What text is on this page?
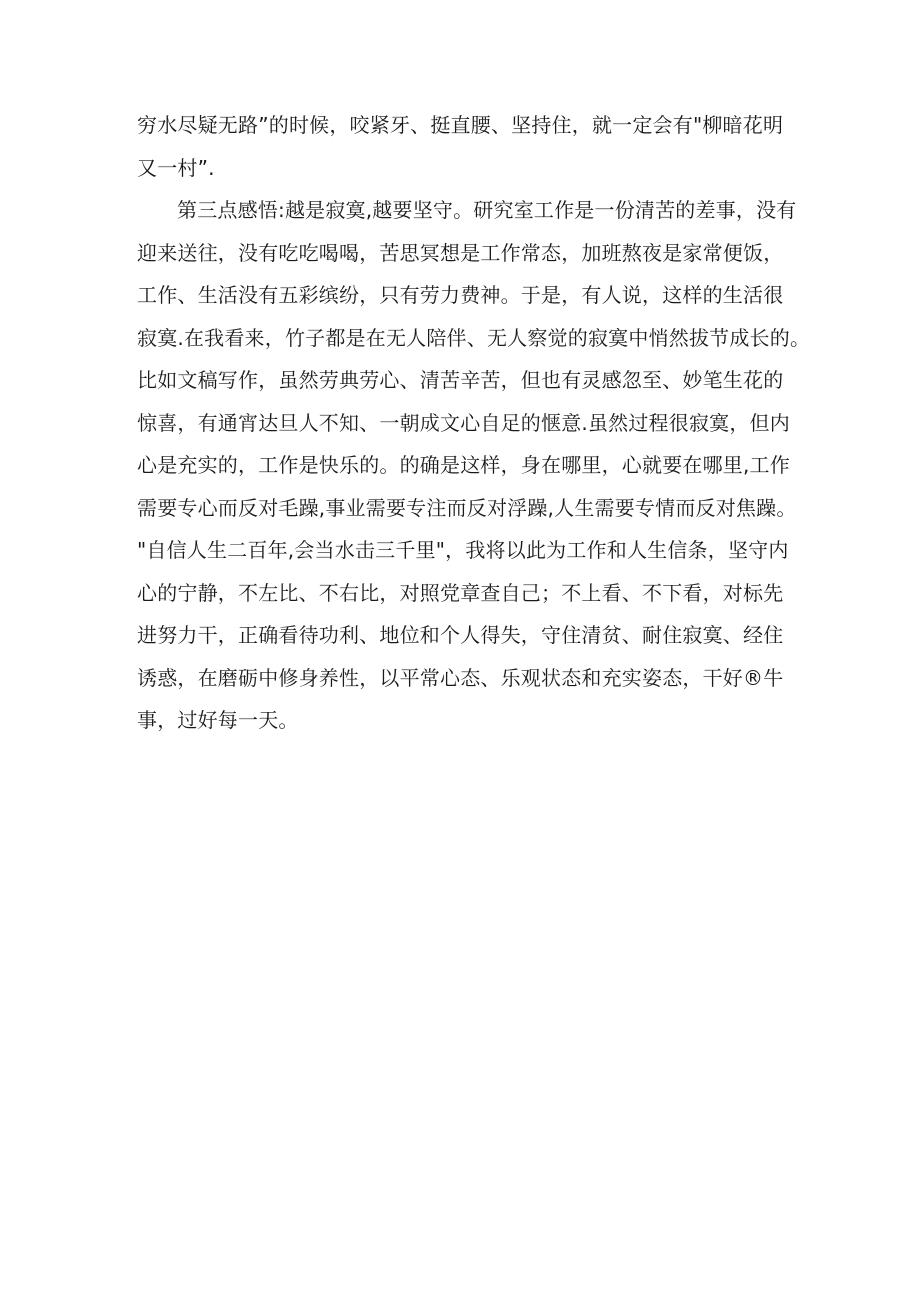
穷水尽疑无路”的时候，咬紧牙、挺直腰、坚持住，就一定会有"柳暗花明
又一村”.
第三点感悟:越是寂寞,越要坚守。研究室工作是一份清苦的差事，没有
迎来送往，没有吃吃喝喝，苦思冥想是工作常态，加班熬夜是家常便饭，
工作、生活没有五彩缤纷，只有劳力费神。于是，有人说，这样的生活很
寂寞.在我看来，竹子都是在无人陪伴、无人察觉的寂寞中悄然拔节成长的。
比如文稿写作，虽然劳典劳心、清苦辛苦，但也有灵感忽至、妙笔生花的
惊喜，有通宵达旦人不知、一朝成文心自足的惬意.虽然过程很寂寞，但内
心是充实的，工作是快乐的。的确是这样，身在哪里，心就要在哪里,工作
需要专心而反对毛躁,事业需要专注而反对浮躁,人生需要专情而反对焦躁。
"自信人生二百年,会当水击三千里"，我将以此为工作和人生信条，坚守内
心的宁静，不左比、不右比，对照党章查自己；不上看、不下看，对标先
进努力干，正确看待功利、地位和个人得失，守住清贫、耐住寂寞、经住
诱惑，在磨砺中修身养性，以平常心态、乐观状态和充实姿态，干好®牛
事，过好每一天。
